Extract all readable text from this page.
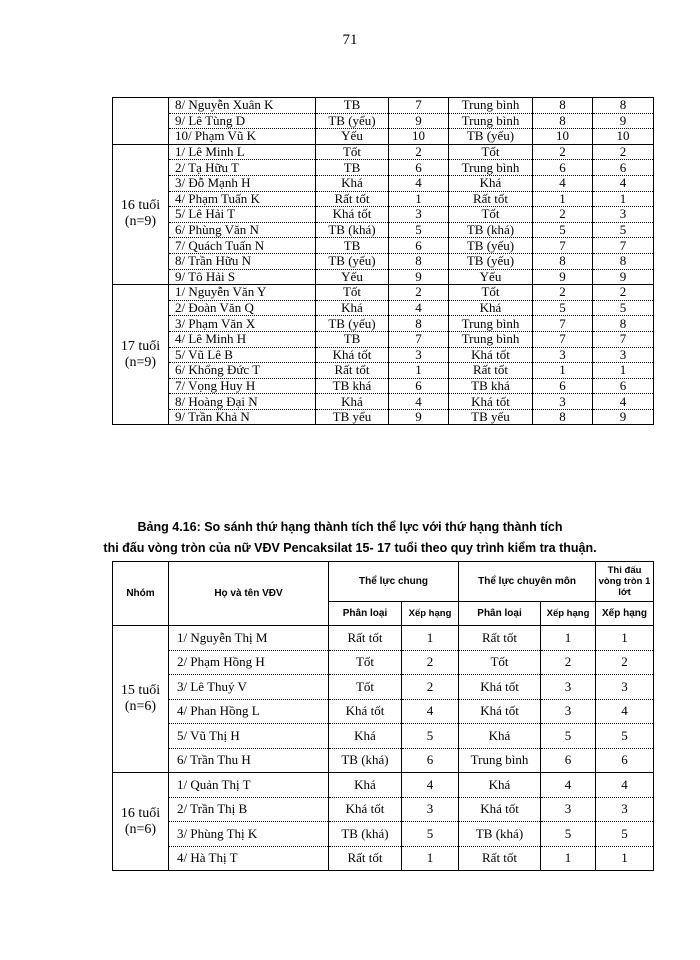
71
	8/ Nguyễn Xuân K	TB	7	Trung bình	8	8
	9/ Lê Tùng D	TB (yếu)	9	Trung bình	8	9
	10/ Phạm Vũ K	Yếu	10	TB (yếu)	10	10
16 tuổi (n=9)	1/ Lê Minh L	Tốt	2	Tốt	2	2
	2/ Tạ Hữu T	TB	6	Trung bình	6	6
	3/ Đỗ Mạnh H	Khá	4	Khá	4	4
	4/ Phạm Tuấn K	Rất tốt	1	Rất tốt	1	1
	5/ Lê Hải T	Khá tốt	3	Tốt	2	3
	6/ Phùng Văn N	TB (khá)	5	TB (khá)	5	5
	7/ Quách Tuấn N	TB	6	TB (yếu)	7	7
	8/ Trần Hữu N	TB (yếu)	8	TB (yếu)	8	8
	9/ Tô Hải S	Yếu	9	Yếu	9	9
17 tuổi (n=9)	1/ Nguyễn Văn Y	Tốt	2	Tốt	2	2
	2/ Đoàn Văn Q	Khá	4	Khá	5	5
	3/ Phạm Văn X	TB (yếu)	8	Trung bình	7	8
	4/ Lê Minh H	TB	7	Trung bình	7	7
	5/ Vũ Lê B	Khá tốt	3	Khá tốt	3	3
	6/ Khổng Đức T	Rất tốt	1	Rất tốt	1	1
	7/ Vọng Huy H	TB khá	6	TB khá	6	6
	8/ Hoàng Đại N	Khá	4	Khá tốt	3	4
	9/ Trần Khả N	TB yếu	9	TB yếu	8	9
Bảng 4.16: So sánh thứ hạng thành tích thể lực với thứ hạng thành tích
thi đấu vòng tròn của nữ VĐV Pencaksilat 15- 17 tuổi theo quy trình kiểm tra thuận.
Nhóm	Họ và tên VĐV	Thể lực chung		Thể lực chuyên môn		Thi đấu vòng tròn 1 lớt
		Phân loại	Xếp hạng	Phân loại	Xếp hạng	Xếp hạng
15 tuổi (n=6)	1/ Nguyễn Thị M	Rất tốt	1	Rất tốt	1	1
	2/ Phạm Hồng H	Tốt	2	Tốt	2	2
	3/ Lê Thuý V	Tốt	2	Khá tốt	3	3
	4/ Phan Hồng L	Khá tốt	4	Khá tốt	3	4
	5/ Vũ Thị H	Khá	5	Khá	5	5
	6/ Trần Thu H	TB (khá)	6	Trung bình	6	6
16 tuổi (n=6)	1/ Quản Thị T	Khá	4	Khá	4	4
	2/ Trần Thị B	Khá tốt	3	Khá tốt	3	3
	3/ Phùng Thị K	TB (khá)	5	TB (khá)	5	5
	4/ Hà Thị T	Rất tốt	1	Rất tốt	1	1
